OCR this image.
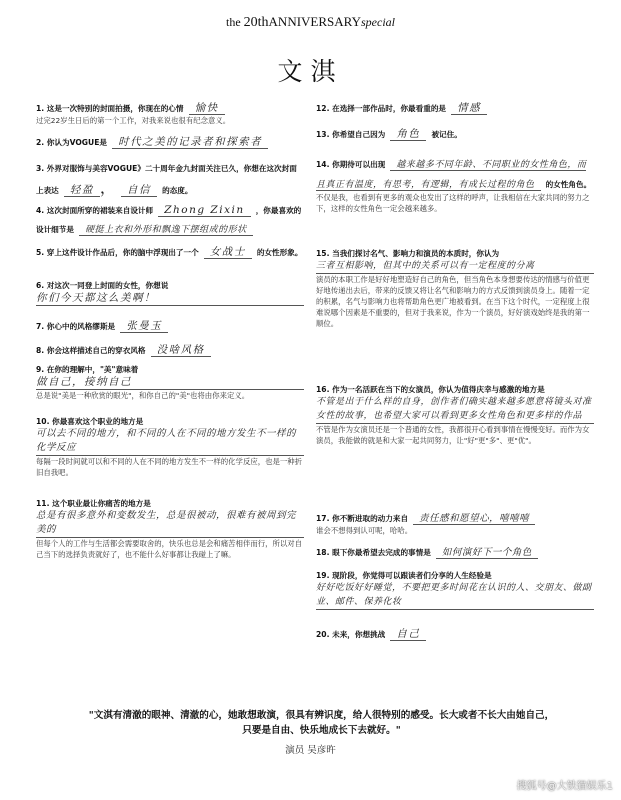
the 20thANNIVERSARYspecial
文淇
1. 这是一次特别的封面拍摄，你现在的心情 愉快
过完22岁生日后的第一个工作，对我来说也很有纪念意义。
2. 你认为VOGUE是 时代之美的记录者和探索者
3. 外界对服饰与美容VOGUE》二十周年金九封面关注已久，你想在这次封面上表达 轻盈 ， 自信 的态度。
4. 这次封面所穿的裙装来自设计师 Zhong Zixin ，你最喜欢的设计细节是 硬挺上衣和外形和飘逸下摆组成的形状
5. 穿上这件设计作品后，你的脑中浮现出了一个 女战士 的女性形象。
6. 对这次一同登上封面的女性，你想说
你们今天都这么美啊！
7. 你心中的风格缪斯是 张曼玉
8. 你会这样描述自己的穿衣风格 没啥风格
9. 在你的理解中，"美"意味着
做自己，接纳自己
总是说"美是一种欣赏的眼光"，和你自己的"美"也将由你来定义。
10. 你最喜欢这个职业的地方是
可以去不同的地方，和不同的人在不同的地方发生不一样的化学反应
每隔一段时间就可以和不同的人在不同的地方发生不一样的化学反应，也是一种折旧自我吧。
11. 这个职业最让你痛苦的地方是
总是有很多意外和变数发生，总是很被动，很难有被周到完美的
但每个人的工作与生活都会需要取舍的，快乐也总是会和痛苦相伴而行，所以对自己当下的选择负责就好了，也不能什么好事都让我碰上了嘛。
12. 在选择一部作品时，你最看重的是 情感
13. 你希望自己因为 角色 被记住。
14. 你期待可以出现 越来越多不同年龄、不同职业的女性角色，而且真正有温度，有思考，有逻辑，有成长过程的角色 的女性角色。
不仅是我，也看到有更多的观众也发出了这样的呼声，让我相信在大家共同的努力之下，这样的女性角色一定会越来越多。
15. 当我们探讨名气、影响力和演员的本质时，你认为
三者互相影响，但其中的关系可以有一定程度的分离
演员的本职工作是好好地塑造好自己的角色，但当角色本身想要传达的情感与价值更好地传递出去后，带来的反馈又将让名气和影响力的方式反馈到演员身上。随着一定的积累，名气与影响力也将帮助角色更广地被看到。在当下这个时代，一定程度上很难说哪个因素是不重要的，但对于我来说，作为一个演员，好好演戏始终是我的第一顺位。
16. 作为一名活跃在当下的女演员，你认为值得庆幸与感激的地方是
不管是出于什么样的自身，创作者们确实越来越多愿意将镜头对准女性的故事，也希望大家可以看到更多女性角色和更多样的作品
不管是作为女演员还是一个普通的女性，我都很开心看到事情在慢慢变好。而作为女演员，我能做的就是和大家一起共同努力，让"好"更"多"、更"优"。
17. 你不断进取的动力来自 责任感和愿望心，嘻嘻嘻
谁会不想得到认可呢，哈哈。
18. 眼下你最希望去完成的事情是 如何演好下一个角色
19. 现阶段，你觉得可以跟读者们分享的人生经验是
好好吃饭好好睡觉，不要把更多时间花在认识的人、交朋友、做副业、邮件、保养化妆
20. 未来，你想挑战 自己
"文淇有清澈的眼神、清澈的心，她敢想敢演，很具有辨识度，给人很特别的感受。长大或者不长大由她自己，
只要是自由、快乐地成长下去就好。"
演员 吴彦旿
搜狐号@大铁猫娱乐1
